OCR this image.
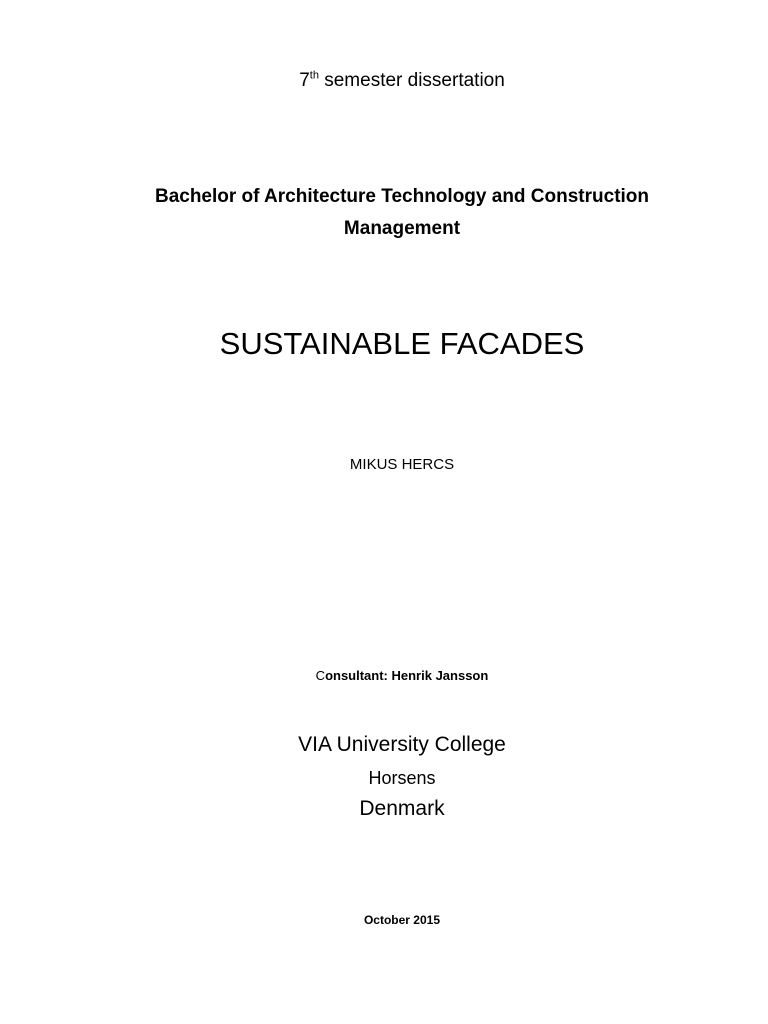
7th semester dissertation
Bachelor of Architecture Technology and Construction Management
SUSTAINABLE FACADES
MIKUS HERCS
Consultant: Henrik Jansson
VIA University College
Horsens
Denmark
October 2015
